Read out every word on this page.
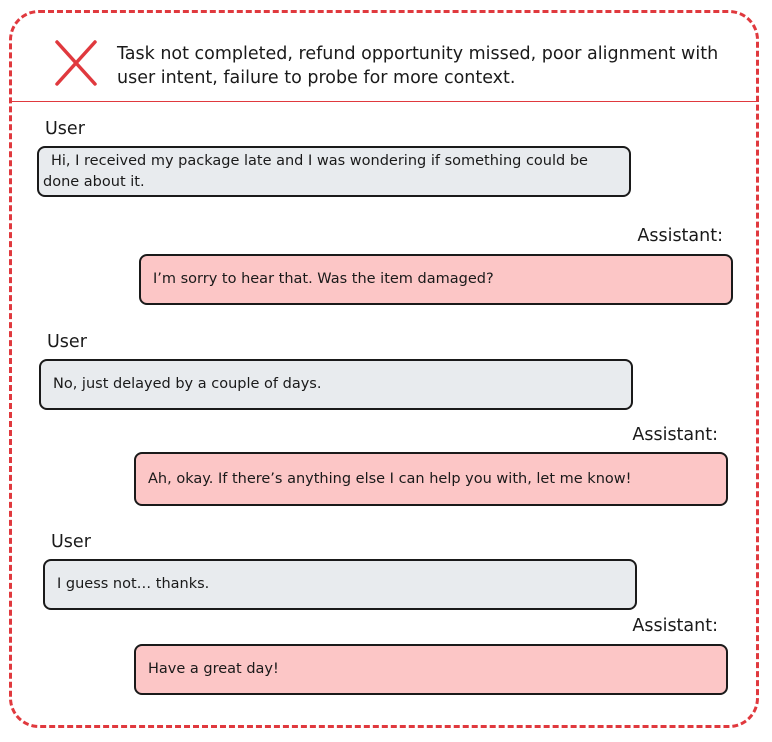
Task not completed, refund opportunity missed, poor alignment with user intent, failure to probe for more context.
User
Hi, I received my package late and I was wondering if something could be done about it.
Assistant:
I’m sorry to hear that. Was the item damaged?
User
No, just delayed by a couple of days.
Assistant:
Ah, okay. If there’s anything else I can help you with, let me know!
User
I guess not… thanks.
Assistant:
Have a great day!
